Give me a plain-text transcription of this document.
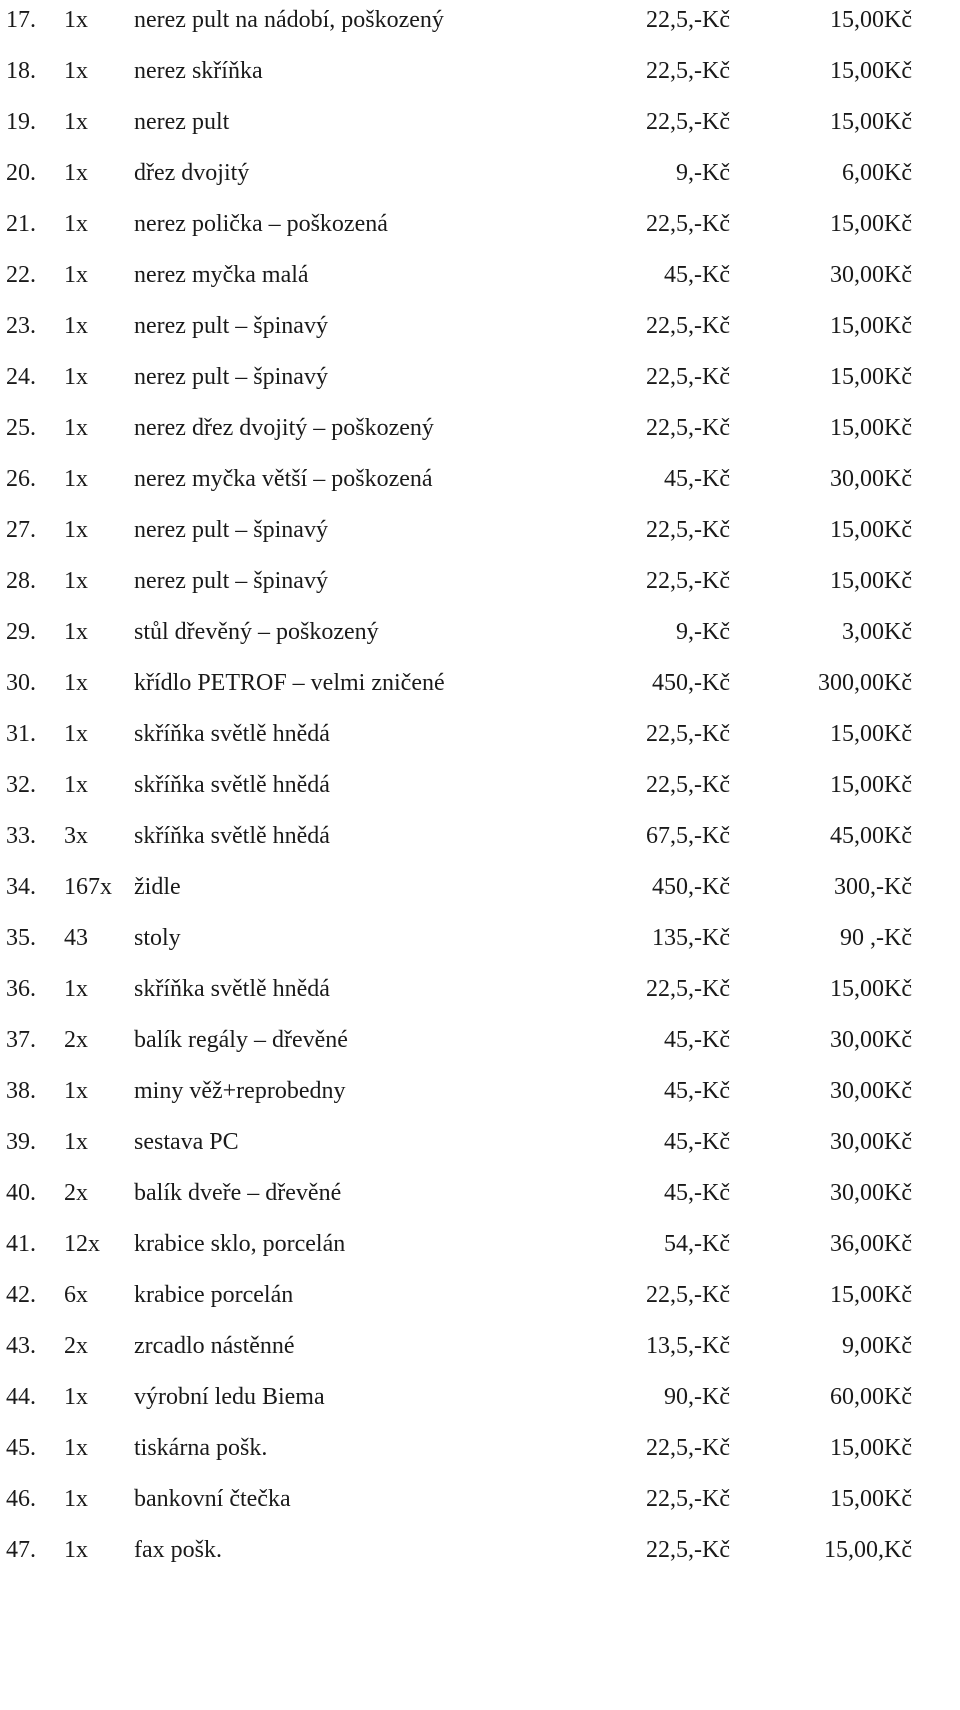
17. 1x nerez pult na nádobí, poškozený	22,5,-Kč	15,00Kč
18. 1x nerez skříňka	22,5,-Kč	15,00Kč
19. 1x nerez pult	22,5,-Kč	15,00Kč
20. 1x dřez dvojitý	9,-Kč	6,00Kč
21. 1x nerez polička – poškozená	22,5,-Kč	15,00Kč
22. 1x nerez myčka malá	45,-Kč	30,00Kč
23. 1x nerez pult – špinavý	22,5,-Kč	15,00Kč
24. 1x nerez pult – špinavý	22,5,-Kč	15,00Kč
25. 1x nerez dřez dvojitý – poškozený	22,5,-Kč	15,00Kč
26. 1x nerez myčka větší – poškozená	45,-Kč	30,00Kč
27. 1x nerez pult – špinavý	22,5,-Kč	15,00Kč
28. 1x nerez pult – špinavý	22,5,-Kč	15,00Kč
29. 1x stůl dřevěný – poškozený	9,-Kč	3,00Kč
30. 1x křídlo PETROF – velmi zničené	450,-Kč	300,00Kč
31. 1x skříňka světlě hnědá	22,5,-Kč	15,00Kč
32. 1x skříňka světlě hnědá	22,5,-Kč	15,00Kč
33. 3x skříňka světlě hnědá	67,5,-Kč	45,00Kč
34. 167x židle	450,-Kč	300,-Kč
35. 43 stoly	135,-Kč	90 ,-Kč
36. 1x skříňka světlě hnědá	22,5,-Kč	15,00Kč
37. 2x balík regály – dřevěné	45,-Kč	30,00Kč
38. 1x miny věž+reprobedny	45,-Kč	30,00Kč
39. 1x sestava PC	45,-Kč	30,00Kč
40. 2x balík dveře – dřevěné	45,-Kč	30,00Kč
41. 12x krabice sklo, porcelán	54,-Kč	36,00Kč
42. 6x krabice porcelán	22,5,-Kč	15,00Kč
43. 2x zrcadlo nástěnné	13,5,-Kč	9,00Kč
44. 1x výrobní ledu Biema	90,-Kč	60,00Kč
45. 1x tiskárna pošk.	22,5,-Kč	15,00Kč
46. 1x bankovní čtečka	22,5,-Kč	15,00Kč
47. 1x fax pošk.	22,5,-Kč	15,00,Kč
